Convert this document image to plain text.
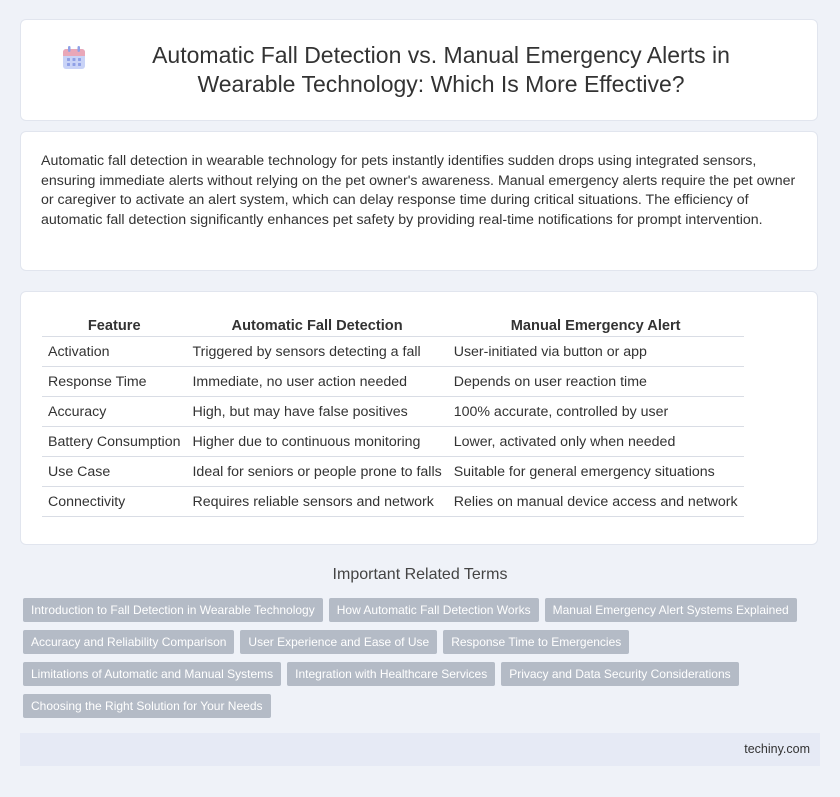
Automatic Fall Detection vs. Manual Emergency Alerts in Wearable Technology: Which Is More Effective?

Automatic fall detection in wearable technology for pets instantly identifies sudden drops using integrated sensors, ensuring immediate alerts without relying on the pet owner's awareness. Manual emergency alerts require the pet owner or caregiver to activate an alert system, which can delay response time during critical situations. The efficiency of automatic fall detection significantly enhances pet safety by providing real-time notifications for prompt intervention.

Feature	Automatic Fall Detection	Manual Emergency Alert
Activation	Triggered by sensors detecting a fall	User-initiated via button or app
Response Time	Immediate, no user action needed	Depends on user reaction time
Accuracy	High, but may have false positives	100% accurate, controlled by user
Battery Consumption	Higher due to continuous monitoring	Lower, activated only when needed
Use Case	Ideal for seniors or people prone to falls	Suitable for general emergency situations
Connectivity	Requires reliable sensors and network	Relies on manual device access and network
Important Related Terms
Introduction to Fall Detection in Wearable Technology How Automatic Fall Detection Works Manual Emergency Alert Systems Explained
Accuracy and Reliability Comparison User Experience and Ease of Use Response Time to Emergencies
Limitations of Automatic and Manual Systems Integration with Healthcare Services Privacy and Data Security Considerations
Choosing the Right Solution for Your Needs
techiny.com
